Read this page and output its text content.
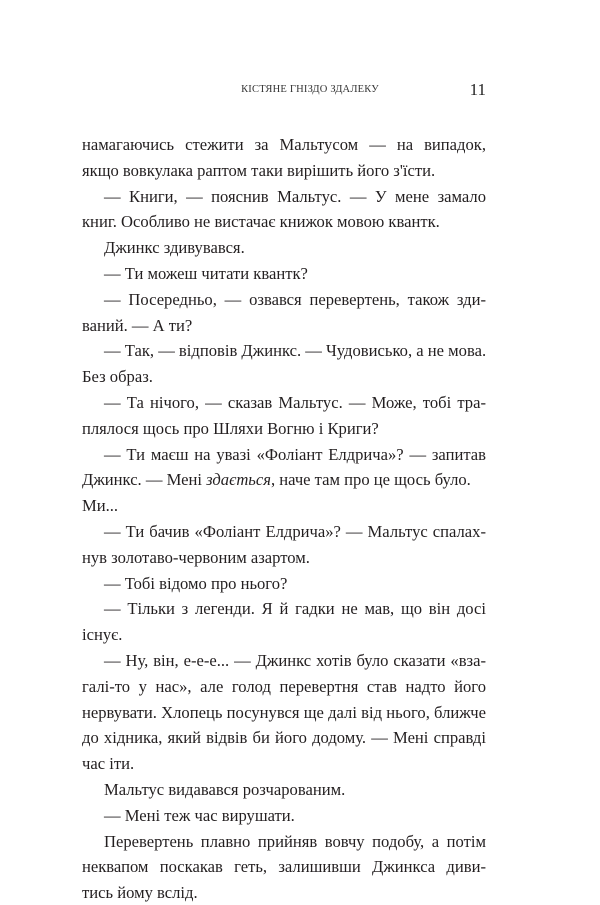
КІСТЯНЕ ГНІЗДО ЗДАЛЕКУ	11
намагаючись стежити за Мальтусом — на випадок,
якщо вовкулака раптом таки вирішить його з'їсти.
— Книги, — пояснив Мальтус. — У мене замало
книг. Особливо не вистачає книжок мовою квантк.
Джинкс здивувався.
— Ти можеш читати квантк?
— Посередньо, — озвався перевертень, також зди-
ваний. — А ти?
— Так, — відповів Джинкс. — Чудовисько, а не мова.
Без образ.
— Та нічого, — сказав Мальтус. — Може, тобі тра-
плялося щось про Шляхи Вогню і Криги?
— Ти маєш на увазі «Фоліант Елдрича»? — запитав
Джинкс. — Мені здається, наче там про це щось було.
Ми...
— Ти бачив «Фоліант Елдрича»? — Мальтус спалах-
нув золотаво-червоним азартом.
— Тобі відомо про нього?
— Тільки з легенди. Я й гадки не мав, що він досі
існує.
— Ну, він, е-е-е... — Джинкс хотів було сказати «вза-
галі-то у нас», але голод перевертня став надто його
нервувати. Хлопець посунувся ще далі від нього, ближче
до хідника, який відвів би його додому. — Мені справді
час іти.
Мальтус видавався розчарованим.
— Мені теж час вирушати.
Перевертень плавно прийняв вовчу подобу, а потім
неквапом поскакав геть, залишивши Джинкса диви-
тись йому вслід.
